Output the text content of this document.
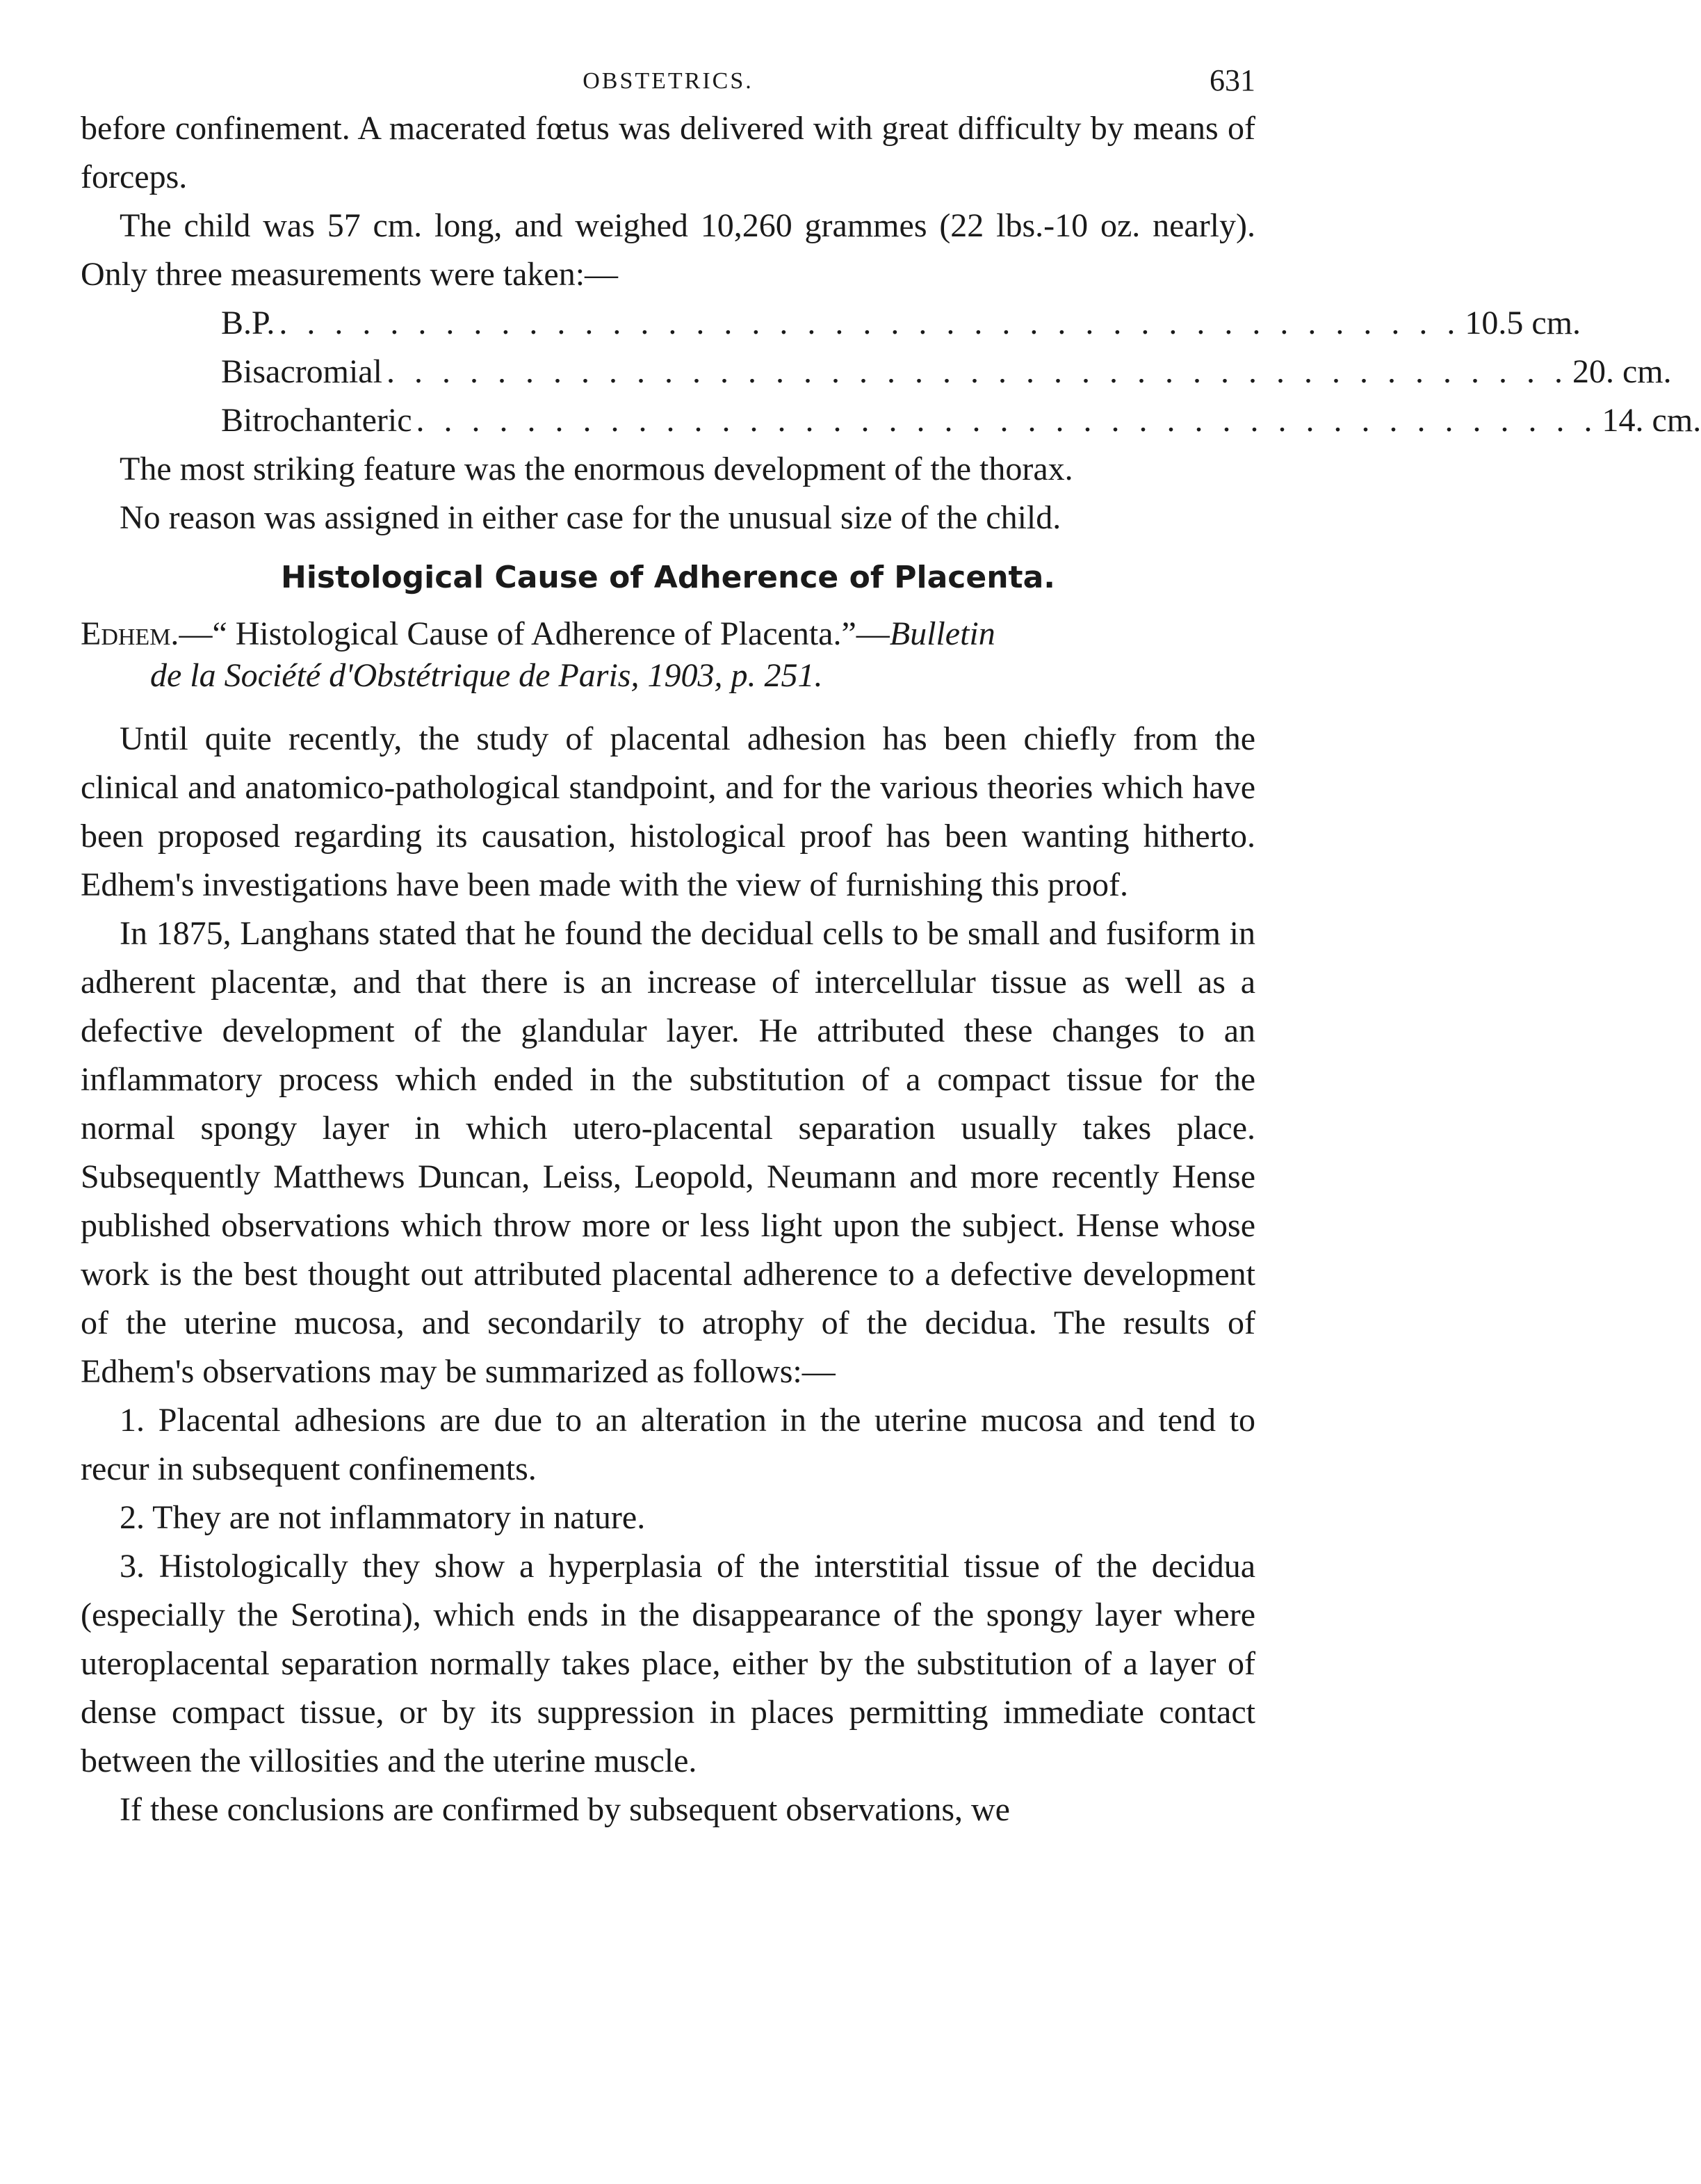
OBSTETRICS.	631

before confinement. A macerated fœtus was delivered with great difficulty by means of forceps.

The child was 57 cm. long, and weighed 10,260 grammes (22 lbs.-10 oz. nearly). Only three measurements were taken:—

B.P. . . . . . . . . . . . . . . . . . . . . . . . . . . . . . . . . . . . . . . . . . . . 10.5 cm.
Bisacromial . . . . . . . . . . . . . . . . . . . . . . . . . . . . . . . . . . . . . . . . . . . 20. cm.
Bitrochanteric . . . . . . . . . . . . . . . . . . . . . . . . . . . . . . . . . . . . . . . . . . . 14. cm.

The most striking feature was the enormous development of the thorax.

No reason was assigned in either case for the unusual size of the child.

Histological Cause of Adherence of Placenta.
Edhem.—“ Histological Cause of Adherence of Placenta.”—Bulletin
de la Société d'Obstétrique de Paris, 1903, p. 251.

Until quite recently, the study of placental adhesion has been chiefly from the clinical and anatomico-pathological standpoint, and for the various theories which have been proposed regarding its causation, histological proof has been wanting hitherto. Edhem's investigations have been made with the view of furnishing this proof.

In 1875, Langhans stated that he found the decidual cells to be small and fusiform in adherent placentæ, and that there is an increase of intercellular tissue as well as a defective development of the glandular layer. He attributed these changes to an inflammatory process which ended in the substitution of a compact tissue for the normal spongy layer in which utero-placental separation usually takes place. Subsequently Matthews Duncan, Leiss, Leopold, Neumann and more recently Hense published observations which throw more or less light upon the subject. Hense whose work is the best thought out attributed placental adherence to a defective development of the uterine mucosa, and secondarily to atrophy of the decidua. The results of Edhem's observations may be summarized as follows:—

1. Placental adhesions are due to an alteration in the uterine mucosa and tend to recur in subsequent confinements.
2. They are not inflammatory in nature.
3. Histologically they show a hyperplasia of the interstitial tissue of the decidua (especially the Serotina), which ends in the disappearance of the spongy layer where uteroplacental separation normally takes place, either by the substitution of a layer of dense compact tissue, or by its suppression in places permitting immediate contact between the villosities and the uterine muscle.

If these conclusions are confirmed by subsequent observations, we
